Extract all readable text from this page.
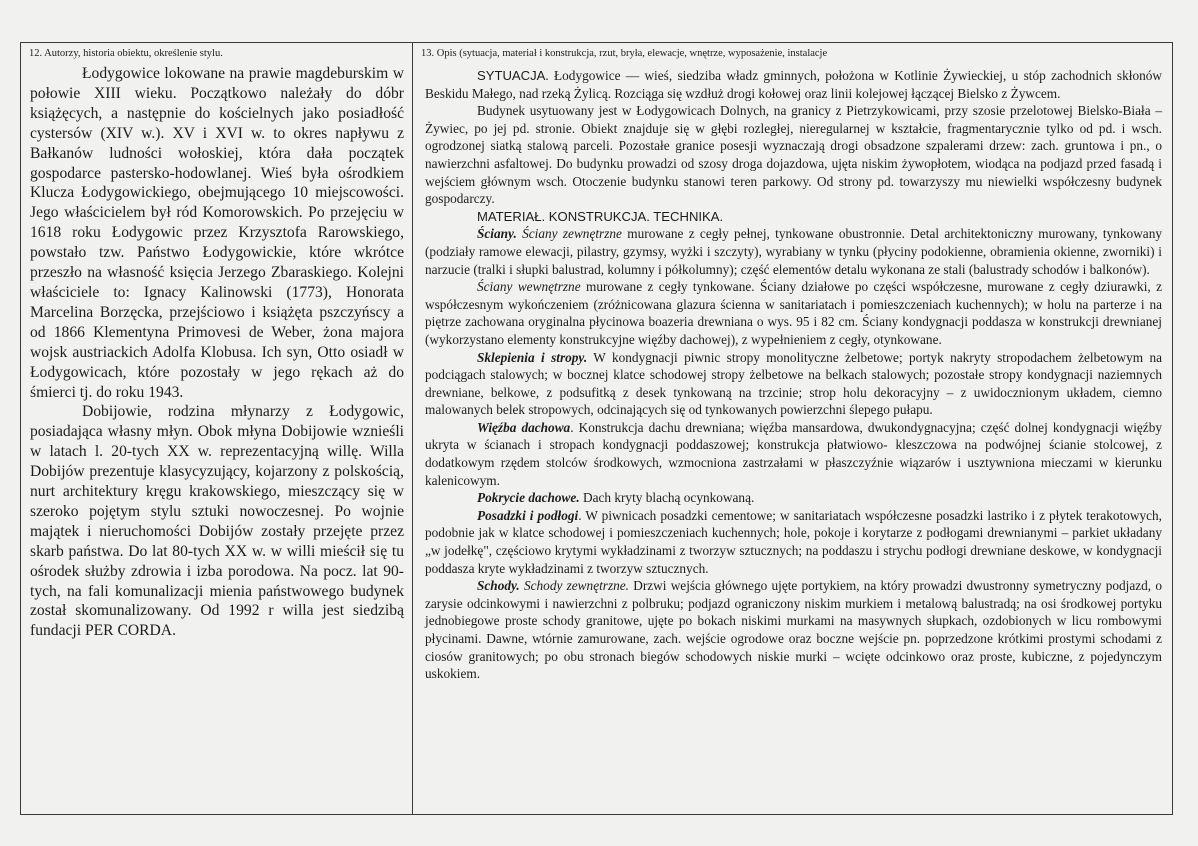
12. Autorzy, historia obiektu, określenie stylu.

Łodygowice lokowane na prawie magdeburskim w połowie XIII wieku. Początkowo należały do dóbr książęcych, a następnie do kościelnych jako posiadłość cystersów (XIV w.). XV i XVI w. to okres napływu z Bałkanów ludności wołoskiej, która dała początek gospodarce pastersko-hodowlanej. Wieś była ośrodkiem Klucza Łodygowickiego, obejmującego 10 miejscowości. Jego właścicielem był ród Komorowskich. Po przejęciu w 1618 roku Łodygowic przez Krzysztofa Rarowskiego, powstało tzw. Państwo Łodygowickie, które wkrótce przeszło na własność księcia Jerzego Zbaraskiego. Kolejni właściciele to: Ignacy Kalinowski (1773), Honorata Marcelina Borzęcka, przejściowo i książęta pszczyńscy a od 1866 Klementyna Primovesi de Weber, żona majora wojsk austriackich Adolfa Klobusa. Ich syn, Otto osiadł w Łodygowicach, które pozostały w jego rękach aż do śmierci tj. do roku 1943.

Dobijowie, rodzina młynarzy z Łodygowic, posiadająca własny młyn. Obok młyna Dobijowie wznieśli w latach l. 20-tych XX w. reprezentacyjną willę. Willa Dobijów prezentuje klasycyzujący, kojarzony z polskością, nurt architektury kręgu krakowskiego, mieszczący się w szeroko pojętym stylu sztuki nowoczesnej. Po wojnie majątek i nieruchomości Dobijów zostały przejęte przez skarb państwa. Do lat 80-tych XX w. w willi mieścił się tu ośrodek służby zdrowia i izba porodowa. Na pocz. lat 90-tych, na fali komunalizacji mienia państwowego budynek został skomunalizowany. Od 1992 r willa jest siedzibą fundacji PER CORDA.

13. Opis (sytuacja, materiał i konstrukcja, rzut, bryła, elewacje, wnętrze, wyposażenie, instalacje

SYTUACJA. Łodygowice — wieś, siedziba władz gminnych, położona w Kotlinie Żywieckiej, u stóp zachodnich skłonów Beskidu Małego, nad rzeką Żylicą. Rozciąga się wzdłuż drogi kołowej oraz linii kolejowej łączącej Bielsko z Żywcem.

Budynek usytuowany jest w Łodygowicach Dolnych, na granicy z Pietrzykowicami, przy szosie przelotowej Bielsko-Biała – Żywiec, po jej pd. stronie. Obiekt znajduje się w głębi rozległej, nieregularnej w kształcie, fragmentarycznie tylko od pd. i wsch. ogrodzonej siatką stalową parceli. Pozostałe granice posesji wyznaczają drogi obsadzone szpalerami drzew: zach. gruntowa i pn., o nawierzchni asfaltowej. Do budynku prowadzi od szosy droga dojazdowa, ujęta niskim żywopłotem, wiodąca na podjazd przed fasadą i wejściem głównym wsch. Otoczenie budynku stanowi teren parkowy. Od strony pd. towarzyszy mu niewielki współczesny budynek gospodarczy.

MATERIAŁ. KONSTRUKCJA. TECHNIKA.

Ściany. Ściany zewnętrzne murowane z cegły pełnej, tynkowane obustronnie. Detal architektoniczny murowany, tynkowany (podziały ramowe elewacji, pilastry, gzymsy, wyżki i szczyty), wyrabiany w tynku (płyciny podokienne, obramienia okienne, zworniki) i narzucie (tralki i słupki balustrad, kolumny i półkolumny); część elementów detalu wykonana ze stali (balustrady schodów i balkonów).

Ściany wewnętrzne murowane z cegły tynkowane. Ściany działowe po części współczesne, murowane z cegły dziurawki, z współczesnym wykończeniem (zróżnicowana glazura ścienna w sanitariatach i pomieszczeniach kuchennych); w holu na parterze i na piętrze zachowana oryginalna płycinowa boazeria drewniana o wys. 95 i 82 cm. Ściany kondygnacji poddasza w konstrukcji drewnianej (wykorzystano elementy konstrukcyjne więźby dachowej), z wypełnieniem z cegły, otynkowane.

Sklepienia i stropy. W kondygnacji piwnic stropy monolityczne żelbetowe; portyk nakryty stropodachem żelbetowym na podciągach stalowych; w bocznej klatce schodowej stropy żelbetowe na belkach stalowych; pozostałe stropy kondygnacji naziemnych drewniane, belkowe, z podsufitką z desek tynkowaną na trzcinie; strop holu dekoracyjny – z uwidocznionym układem, ciemno malowanych belek stropowych, odcinających się od tynkowanych powierzchni ślepego pułapu.

Więźba dachowa. Konstrukcja dachu drewniana; więźba mansardowa, dwukondygnacyjna; część dolnej kondygnacji więźby ukryta w ścianach i stropach kondygnacji poddaszowej; konstrukcja płatwiowo- kleszczowa na podwójnej ścianie stolcowej, z dodatkowym rzędem stolców środkowych, wzmocniona zastrzałami w płaszczyźnie wiązarów i usztywniona mieczami w kierunku kalenicowym.

Pokrycie dachowe. Dach kryty blachą ocynkowaną.

Posadzki i podłogi. W piwnicach posadzki cementowe; w sanitariatach współczesne posadzki lastriko i z płytek terakotowych, podobnie jak w klatce schodowej i pomieszczeniach kuchennych; hole, pokoje i korytarze z podłogami drewnianymi – parkiet układany „w jodełkę", częściowo krytymi wykładzinami z tworzyw sztucznych; na poddaszu i strychu podłogi drewniane deskowe, w kondygnacji poddasza kryte wykładzinami z tworzyw sztucznych.

Schody. Schody zewnętrzne. Drzwi wejścia głównego ujęte portykiem, na który prowadzi dwustronny symetryczny podjazd, o zarysie odcinkowymi i nawierzchni z polbruku; podjazd ograniczony niskim murkiem i metalową balustradą; na osi środkowej portyku jednobiegowe proste schody granitowe, ujęte po bokach niskimi murkami na masywnych słupkach, ozdobionych w licu rombowymi płycinami. Dawne, wtórnie zamurowane, zach. wejście ogrodowe oraz boczne wejście pn. poprzedzone krótkimi prostymi schodami z ciosów granitowych; po obu stronach biegów schodowych niskie murki – wcięte odcinkowo oraz proste, kubiczne, z pojedynczym uskokiem.
